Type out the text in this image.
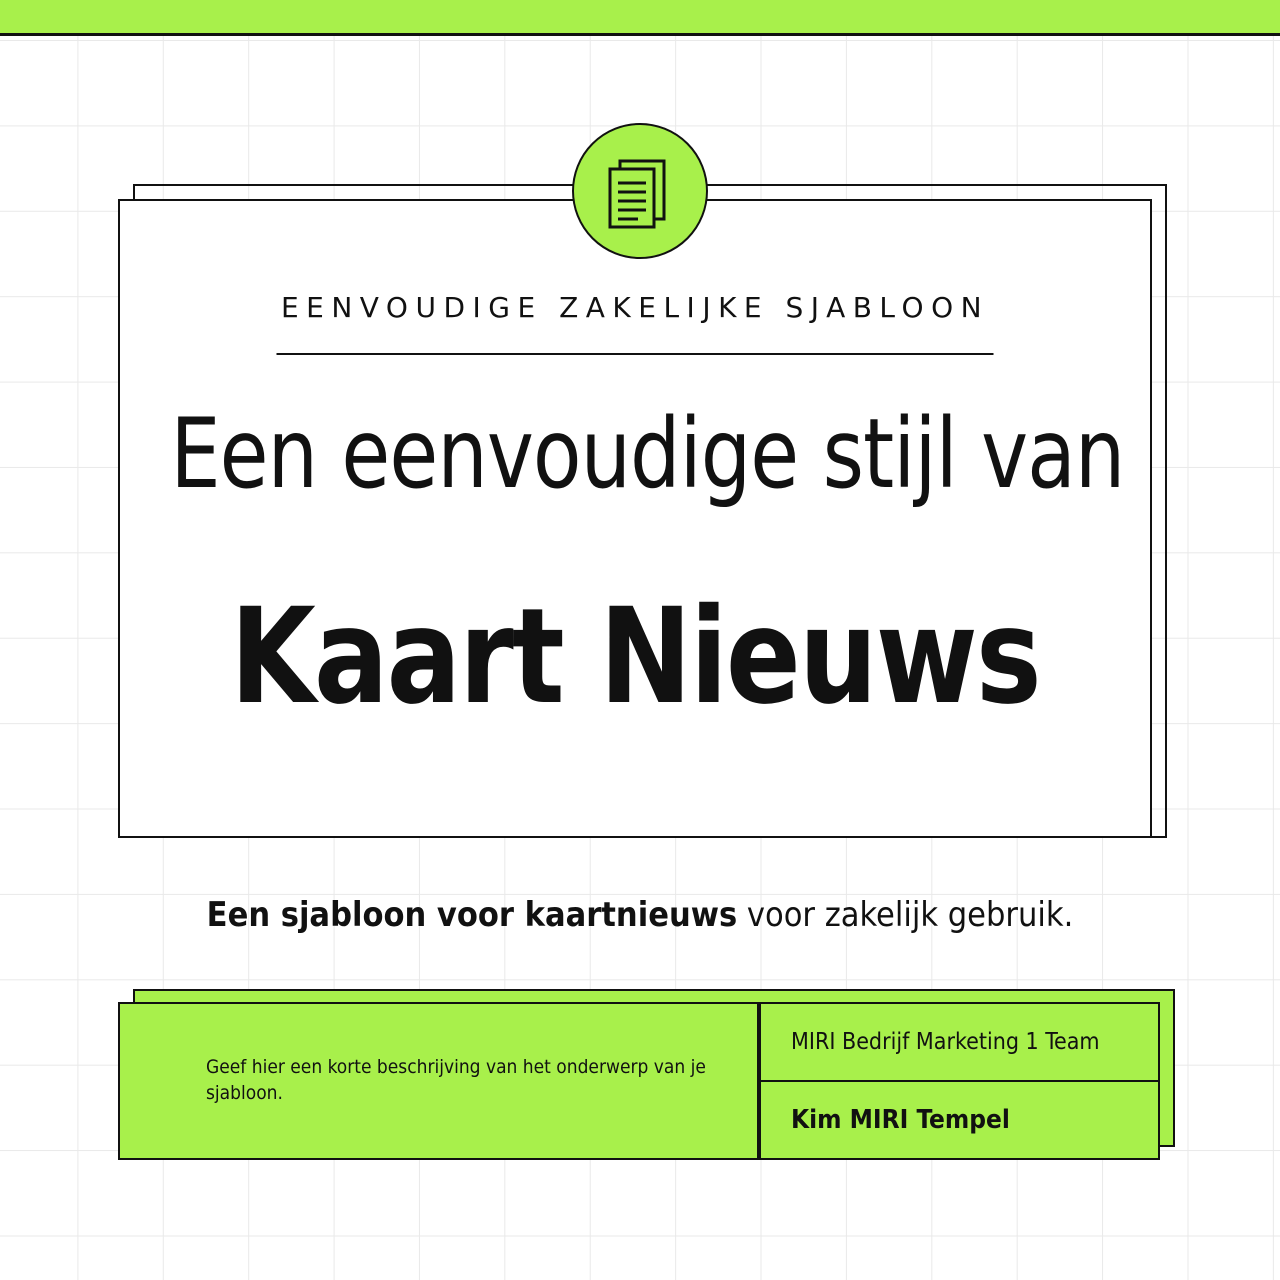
EENVOUDIGE ZAKELIJKE SJABLOON
Een eenvoudige stijl van
Kaart Nieuws
Een sjabloon voor kaartnieuws voor zakelijk gebruik.

Geef hier een korte beschrijving van het onderwerp van je sjabloon.

MIRI Bedrijf Marketing 1 Team
Kim MIRI Tempel
